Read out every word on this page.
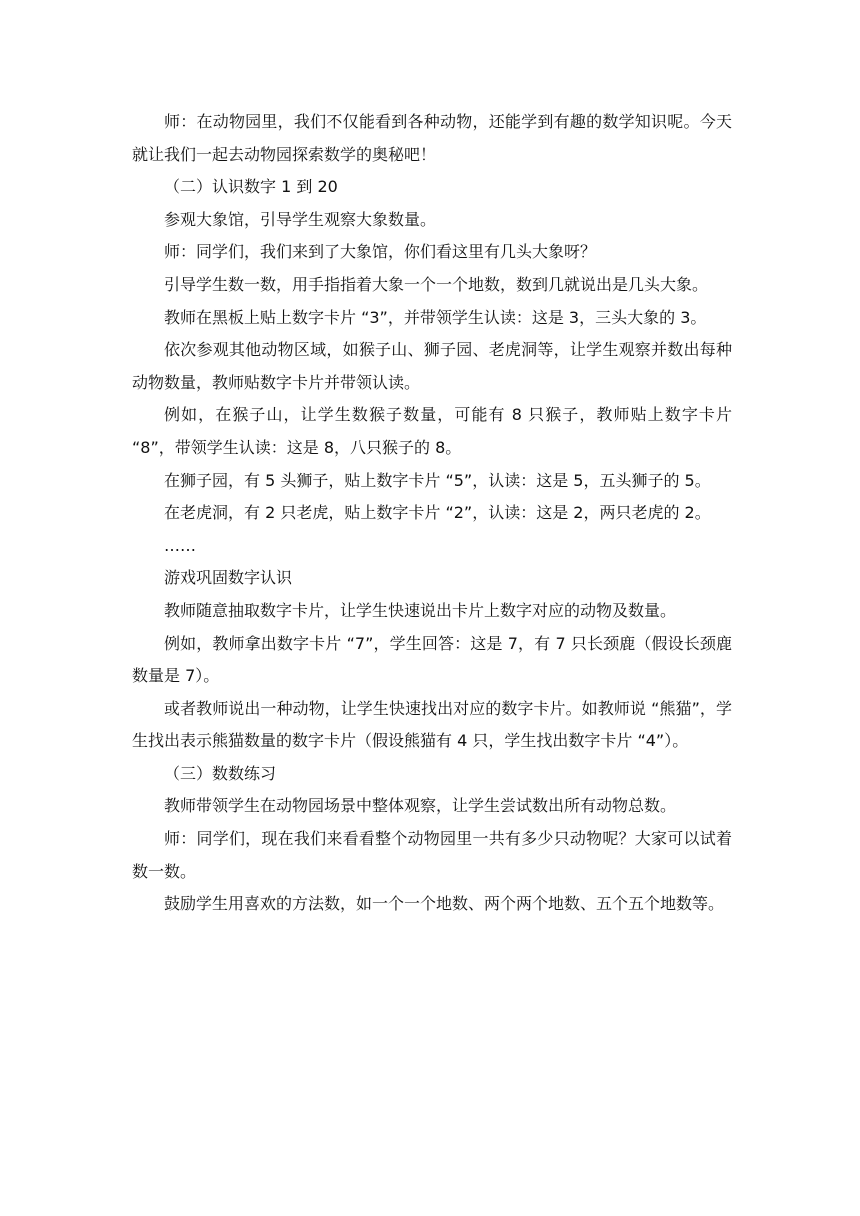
师：在动物园里，我们不仅能看到各种动物，还能学到有趣的数学知识呢。今天就让我们一起去动物园探索数学的奥秘吧！

（二）认识数字 1 到 20

参观大象馆，引导学生观察大象数量。

师：同学们，我们来到了大象馆，你们看这里有几头大象呀？

引导学生数一数，用手指指着大象一个一个地数，数到几就说出是几头大象。

教师在黑板上贴上数字卡片 “3”，并带领学生认读：这是 3，三头大象的 3。

依次参观其他动物区域，如猴子山、狮子园、老虎洞等，让学生观察并数出每种动物数量，教师贴数字卡片并带领认读。

例如，在猴子山，让学生数猴子数量，可能有 8 只猴子，教师贴上数字卡片 “8”，带领学生认读：这是 8，八只猴子的 8。

在狮子园，有 5 头狮子，贴上数字卡片 “5”，认读：这是 5，五头狮子的 5。

在老虎洞，有 2 只老虎，贴上数字卡片 “2”，认读：这是 2，两只老虎的 2。

……

游戏巩固数字认识

教师随意抽取数字卡片，让学生快速说出卡片上数字对应的动物及数量。

例如，教师拿出数字卡片 “7”，学生回答：这是 7，有 7 只长颈鹿（假设长颈鹿数量是 7）。

或者教师说出一种动物，让学生快速找出对应的数字卡片。如教师说 “熊猫”，学生找出表示熊猫数量的数字卡片（假设熊猫有 4 只，学生找出数字卡片 “4”）。

（三）数数练习

教师带领学生在动物园场景中整体观察，让学生尝试数出所有动物总数。

师：同学们，现在我们来看看整个动物园里一共有多少只动物呢？大家可以试着数一数。

鼓励学生用喜欢的方法数，如一个一个地数、两个两个地数、五个五个地数等。
